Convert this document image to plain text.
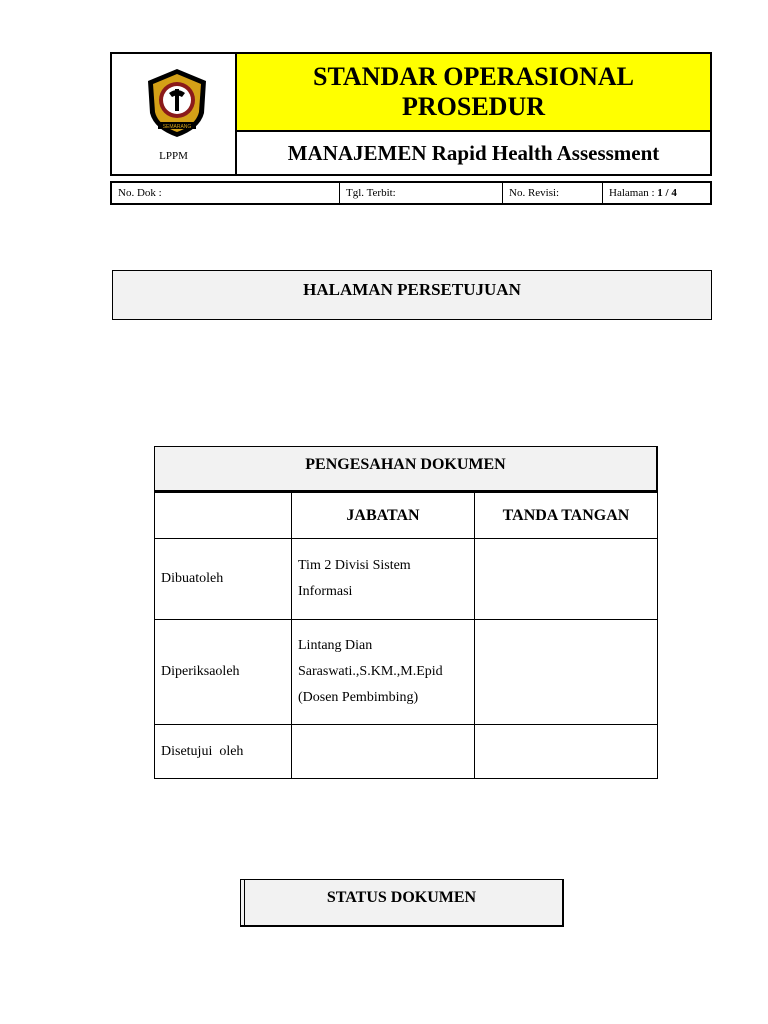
SEMARANG
LPPM
STANDAR OPERASIONAL PROSEDUR
MANAJEMEN Rapid Health Assessment
No. Dok :	Tgl. Terbit:	No. Revisi:	Halaman : 1 / 4
HALAMAN PERSETUJUAN
PENGESAHAN DOKUMEN
	JABATAN	TANDA TANGAN
Dibuatoleh	Tim 2 Divisi Sistem
Informasi	

Diperiksaoleh	Lintang Dian
Saraswati.,S.KM.,M.Epid
(Dosen Pembimbing)	

Disetujui  oleh		
STATUS DOKUMEN
